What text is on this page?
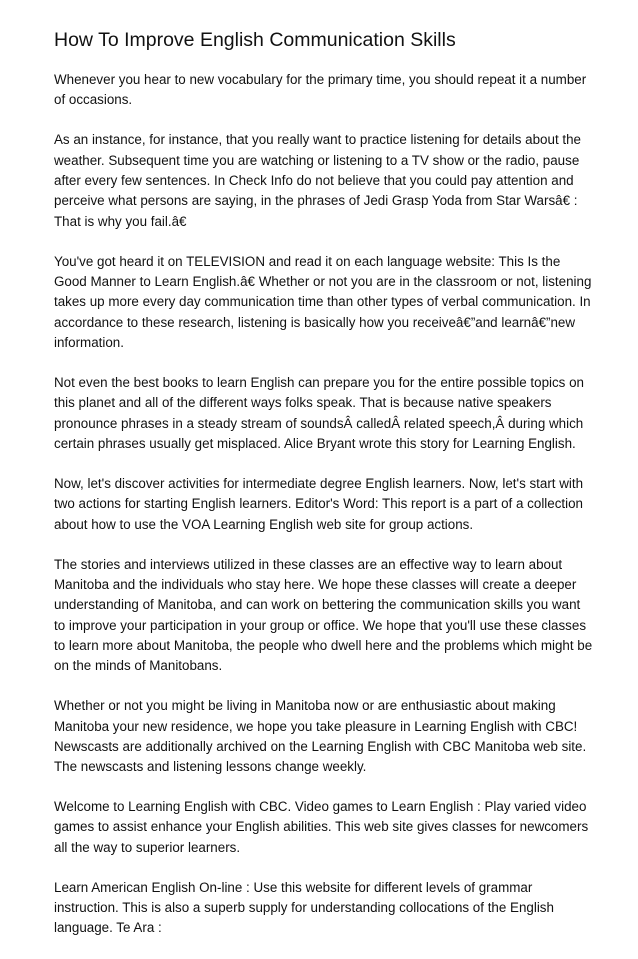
How To Improve English Communication Skills

Whenever you hear to new vocabulary for the primary time, you should repeat it a number of occasions.

As an instance, for instance, that you really want to practice listening for details about the weather. Subsequent time you are watching or listening to a TV show or the radio, pause after every few sentences. In Check Info do not believe that you could pay attention and perceive what persons are saying, in the phrases of Jedi Grasp Yoda from Star Warsâ€ : That is why you fail.â€

You've got heard it on TELEVISION and read it on each language website: This Is the Good Manner to Learn English.â€ Whether or not you are in the classroom or not, listening takes up more every day communication time than other types of verbal communication. In accordance to these research, listening is basically how you receiveâ€”and learnâ€”new information.

Not even the best books to learn English can prepare you for the entire possible topics on this planet and all of the different ways folks speak. That is because native speakers pronounce phrases in a steady stream of soundsÂ calledÂ related speech,Â during which certain phrases usually get misplaced. Alice Bryant wrote this story for Learning English.

Now, let's discover activities for intermediate degree English learners. Now, let's start with two actions for starting English learners. Editor's Word: This report is a part of a collection about how to use the VOA Learning English web site for group actions.

The stories and interviews utilized in these classes are an effective way to learn about Manitoba and the individuals who stay here. We hope these classes will create a deeper understanding of Manitoba, and can work on bettering the communication skills you want to improve your participation in your group or office. We hope that you'll use these classes to learn more about Manitoba, the people who dwell here and the problems which might be on the minds of Manitobans.

Whether or not you might be living in Manitoba now or are enthusiastic about making Manitoba your new residence, we hope you take pleasure in Learning English with CBC! Newscasts are additionally archived on the Learning English with CBC Manitoba web site. The newscasts and listening lessons change weekly.

Welcome to Learning English with CBC. Video games to Learn English : Play varied video games to assist enhance your English abilities. This web site gives classes for newcomers all the way to superior learners.

Learn American English On-line : Use this website for different levels of grammar instruction. This is also a superb supply for understanding collocations of the English language. Te Ara :
